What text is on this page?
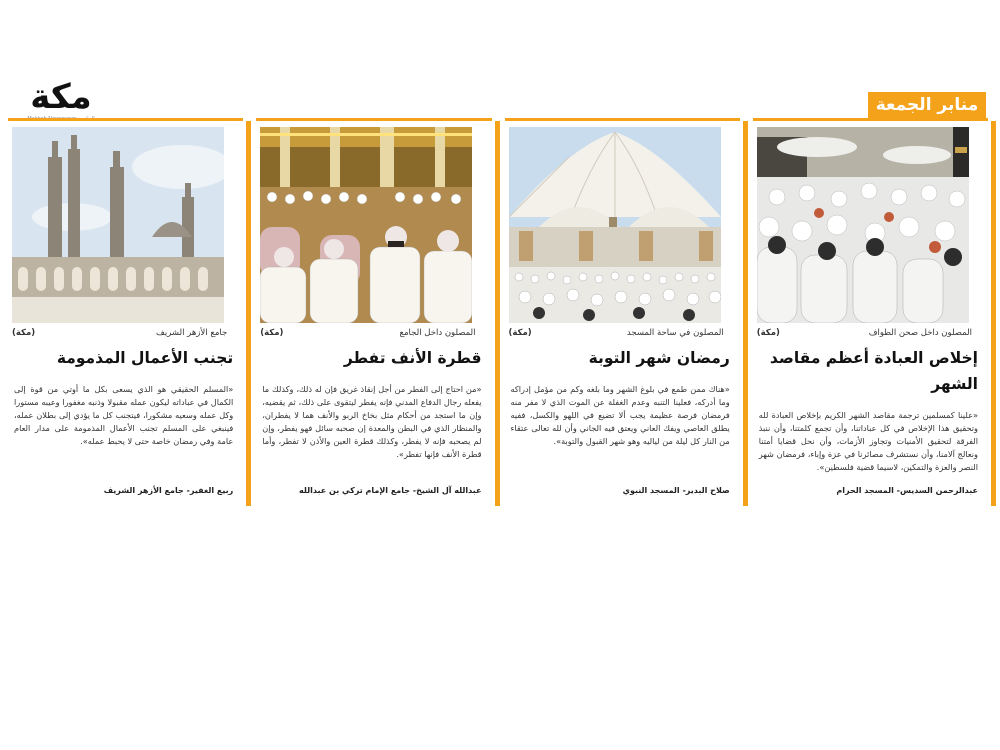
مكة	منابر الجمعة
المصلون داخل صحن الطواف
(مكة)
إخلاص العبادة أعظم مقاصد الشهر
«علينا كمسلمين ترجمة مقاصد الشهر الكريم بإخلاص العبادة لله وتحقيق هذا الإخلاص في كل عباداتنا، وأن تجمع كلمتنا، وأن ننبذ الفرقة لتحقيق الأمنيات وتجاوز الأزمات، وأن نحل قضايا أمتنا ونعالج آلامنا، وأن نستشرف مصائرنا في عزة وإباء، فرمضان شهر النصر والعزة والتمكين، لاسيما قضية فلسطين».
عبدالرحمن السديس- المسجد الحرام
المصلون في ساحة المسجد
(مكة)
رمضان شهر التوبة
«هناك ممن طمع في بلوغ الشهر وما بلغه وكم من مؤمل إدراكه وما أدركه، فعلينا التنبه وعدم الغفلة عن الموت الذي لا مفر منه فرمضان فرصة عظيمة يجب ألا تضيع في اللهو والكسل، ففيه يطلق العاصي ويفك العاني ويعتق فيه الجاني وأن لله تعالى عتقاء من النار كل ليلة من لياليه وهو شهر القبول والتوبة».
صلاح البدير- المسجد النبوي
المصلون داخل الجامع
(مكة)
قطرة الأنف تفطر
«من احتاج إلى الفطر من أجل إنقاذ غريق فإن له ذلك، وكذلك ما يفعله رجال الدفاع المدني فإنه يفطر ليتقوى على ذلك، ثم يقضيه، وإن ما استجد من أحكام مثل بخاخ الربو والأنف هما لا يفطران، والمنظار الذي في البطن والمعدة إن صحبه سائل فهو يفطر، وإن لم يصحبه فإنه لا يفطر، وكذلك قطرة العين والأذن لا تفطر، وأما قطرة الأنف فإنها تفطر».
عبدالله آل الشيخ- جامع الإمام تركي بن عبدالله
جامع الأزهر الشريف
(مكة)
تجنب الأعمال المذمومة
«المسلم الحقيقي هو الذي يسعى بكل ما أوتي من قوة إلى الكمال في عباداته ليكون عمله مقبولا وذنبه مغفورا وعيبه مستورا وكل عمله وسعيه مشكورا، فيتجنب كل ما يؤدي إلى بطلان عمله، فينبغي على المسلم تجنب الأعمال المذمومة على مدار العام عامة وفي رمضان خاصة حتى لا يحبط عمله».
ربيع الغفير- جامع الأزهر الشريف
